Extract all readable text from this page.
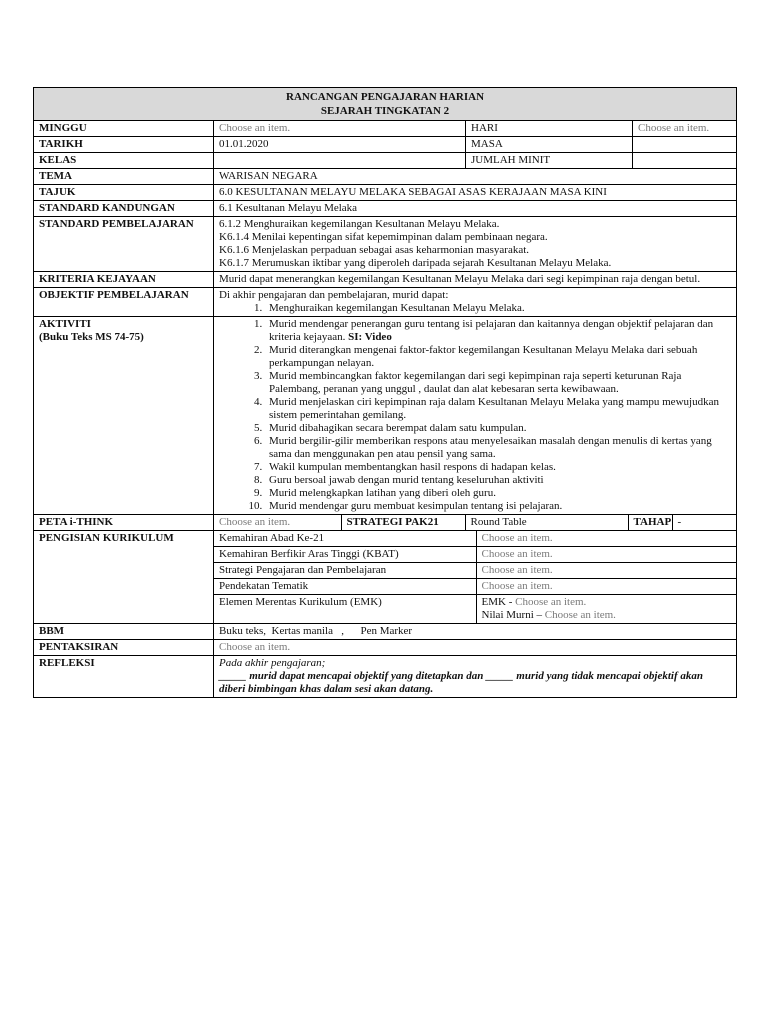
RANCANGAN PENGAJARAN HARIAN
SEJARAH TINGKATAN 2

MINGGU	Choose an item.	HARI	Choose an item.
TARIKH	01.01.2020	MASA	
KELAS		JUMLAH MINIT	
TEMA	WARISAN NEGARA
TAJUK	6.0 KESULTANAN MELAYU MELAKA SEBAGAI ASAS KERAJAAN MASA KINI
STANDARD KANDUNGAN	6.1 Kesultanan Melayu Melaka
STANDARD PEMBELAJARAN	6.1.2 Menghuraikan kegemilangan Kesultanan Melayu Melaka.
K6.1.4 Menilai kepentingan sifat kepemimpinan dalam pembinaan negara.
K6.1.6 Menjelaskan perpaduan sebagai asas keharmonian masyarakat.
K6.1.7 Merumuskan iktibar yang diperoleh daripada sejarah Kesultanan Melayu Melaka.

KRITERIA KEJAYAAN	Murid dapat menerangkan kegemilangan Kesultanan Melayu Melaka dari segi kepimpinan raja dengan betul.
OBJEKTIF PEMBELAJARAN	Di akhir pengajaran dan pembelajaran, murid dapat:
1. Menghuraikan kegemilangan Kesultanan Melayu Melaka.

AKTIVITI
(Buku Teks MS 74-75)

1. Murid mendengar penerangan guru tentang isi pelajaran dan kaitannya dengan objektif pelajaran dan kriteria kejayaan. SI: Video
2. Murid diterangkan mengenai faktor-faktor kegemilangan Kesultanan Melayu Melaka dari sebuah perkampungan nelayan.
3. Murid membincangkan faktor kegemilangan dari segi kepimpinan raja seperti keturunan Raja Palembang, peranan yang unggul , daulat dan alat kebesaran serta kewibawaan.
4. Murid menjelaskan ciri kepimpinan raja dalam Kesultanan Melayu Melaka yang mampu mewujudkan sistem pemerintahan gemilang.
5. Murid dibahagikan secara berempat dalam satu kumpulan.
6. Murid bergilir-gilir memberikan respons atau menyelesaikan masalah dengan menulis di kertas yang sama dan menggunakan pen atau pensil yang sama.
7. Wakil kumpulan membentangkan hasil respons di hadapan kelas.
8. Guru bersoal jawab dengan murid tentang keseluruhan aktiviti
9. Murid melengkapkan latihan yang diberi oleh guru.
10. Murid mendengar guru membuat kesimpulan tentang isi pelajaran.

PETA i-THINK		Choose an item.	STRATEGI PAK21	Round Table	TAHAP	-

PENGISIAN KURIKULUM		Kemahiran Abad Ke-21	Choose an item.
Kemahiran Berfikir Aras Tinggi (KBAT)	Choose an item.
Strategi Pengajaran dan Pembelajaran	Choose an item.
Pendekatan Tematik	Choose an item.
Elemen Merentas Kurikulum (EMK)	EMK - Choose an item.
Nilai Murni – Choose an item.

BBM	Buku teks,  Kertas manila   ,      Pen Marker
PENTAKSIRAN	Choose an item.
REFLEKSI	Pada akhir pengajaran;
_____ murid dapat mencapai objektif yang ditetapkan dan _____ murid yang tidak mencapai objektif akan diberi bimbingan khas dalam sesi akan datang.
